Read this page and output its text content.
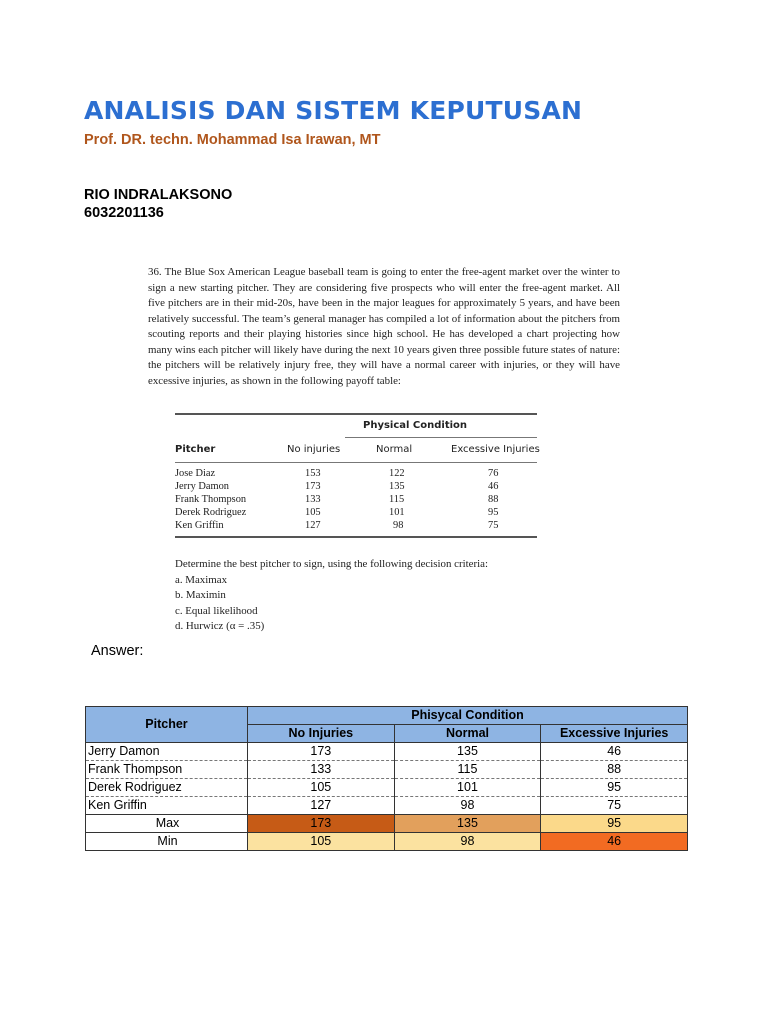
ANALISIS DAN SISTEM KEPUTUSAN
Prof. DR. techn. Mohammad Isa Irawan, MT
RIO INDRALAKSONO
6032201136

36. The Blue Sox American League baseball team is going to enter the free-agent market over the winter to sign a new starting pitcher. They are considering five prospects who will enter the free-agent market. All five pitchers are in their mid-20s, have been in the major leagues for approximately 5 years, and have been relatively successful. The team’s general manager has compiled a lot of information about the pitchers from scouting reports and their playing histories since high school. He has developed a chart projecting how many wins each pitcher will likely have during the next 10 years given three possible future states of nature: the pitchers will be relatively injury free, they will have a normal career with injuries, or they will have excessive injuries, as shown in the following payoff table:

Physical Condition
Pitcher	No injuries	Normal	Excessive Injuries
Jose Diaz	153	122	76
Jerry Damon	173	135	46
Frank Thompson	133	115	88
Derek Rodriguez	105	101	95
Ken Griffin	127	98	75
Determine the best pitcher to sign, using the following decision criteria:
a. Maximax
b. Maximin
c. Equal likelihood
d. Hurwicz (α = .35)
Answer:
Pitcher	Phisycal Condition		
	No Injuries	Normal	Excessive Injuries
Jerry Damon	173	135	46
Frank Thompson	133	115	88
Derek Rodriguez	105	101	95
Ken Griffin	127	98	75
Max	173	135	95
Min	105	98	46
